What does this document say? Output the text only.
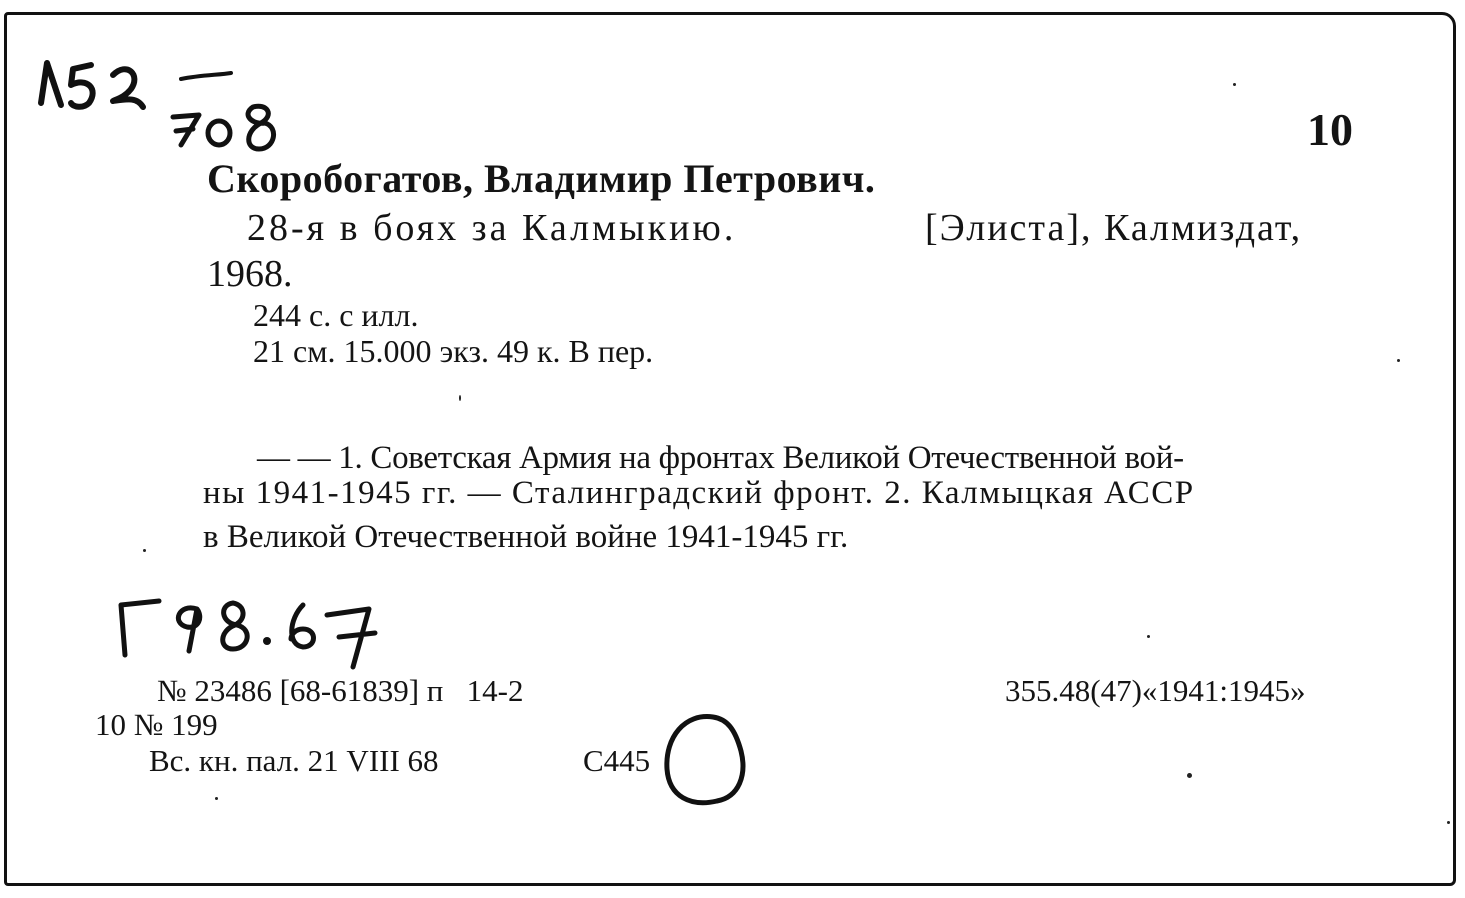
10
Скоробогатов, Владимир Петрович.
28-я в боях за Калмыкию.	[Элиста], Калмиздат,
1968.
244 с. с илл.
21 см. 15.000 экз. 49 к. В пер.
— — 1. Советская Армия на фронтах Великой Отечественной вой-
ны 1941-1945 гг. — Сталинградский фронт. 2. Калмыцкая АССР
в Великой Отечественной войне 1941-1945 гг.
№ 23486 [68-61839] п   14-2	355.48(47)«1941:1945»
10 № 199
Вс. кн. пал. 21 VIII 68	С445
